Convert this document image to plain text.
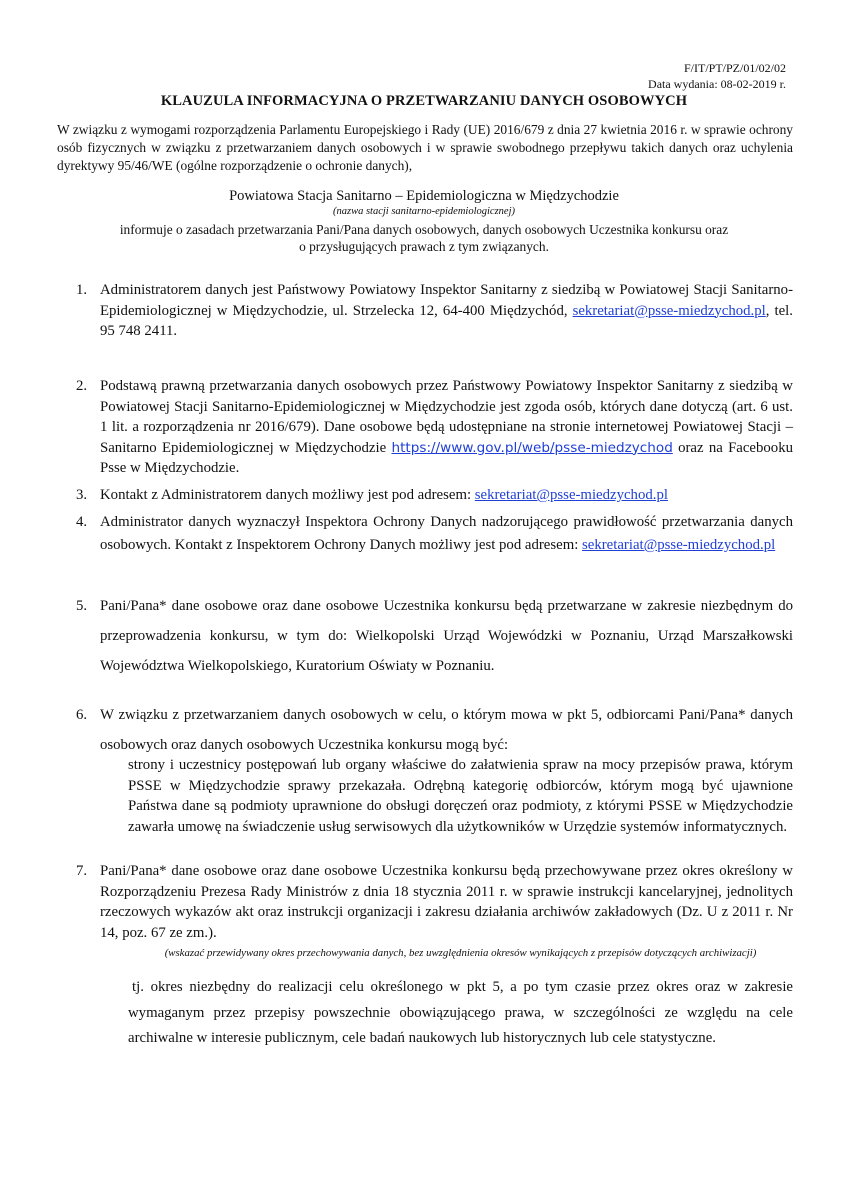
F/IT/PT/PZ/01/02/02
Data wydania: 08-02-2019 r.
KLAUZULA INFORMACYJNA O PRZETWARZANIU DANYCH OSOBOWYCH
W związku z wymogami rozporządzenia Parlamentu Europejskiego i Rady (UE) 2016/679 z dnia 27 kwietnia 2016 r. w sprawie ochrony osób fizycznych w związku z przetwarzaniem danych osobowych i w sprawie swobodnego przepływu takich danych oraz uchylenia dyrektywy 95/46/WE (ogólne rozporządzenie o ochronie danych),
Powiatowa Stacja Sanitarno – Epidemiologiczna w Międzychodzie
(nazwa stacji sanitarno-epidemiologicznej)
informuje o zasadach przetwarzania Pani/Pana danych osobowych, danych osobowych Uczestnika konkursu oraz
o przysługujących prawach z tym związanych.
1. Administratorem danych jest Państwowy Powiatowy Inspektor Sanitarny z siedzibą w Powiatowej Stacji Sanitarno-Epidemiologicznej w Międzychodzie, ul. Strzelecka 12, 64-400 Międzychód, sekretariat@psse-miedzychod.pl, tel. 95 748 2411.
2. Podstawą prawną przetwarzania danych osobowych przez Państwowy Powiatowy Inspektor Sanitarny z siedzibą w Powiatowej Stacji Sanitarno-Epidemiologicznej w Międzychodzie jest zgoda osób, których dane dotyczą (art. 6 ust. 1 lit. a rozporządzenia nr 2016/679). Dane osobowe będą udostępniane na stronie internetowej Powiatowej Stacji – Sanitarno Epidemiologicznej w Międzychodzie https://www.gov.pl/web/psse-miedzychod oraz na Facebooku Psse w Międzychodzie.
3. Kontakt z Administratorem danych możliwy jest pod adresem: sekretariat@psse-miedzychod.pl
4. Administrator danych wyznaczył Inspektora Ochrony Danych nadzorującego prawidłowość przetwarzania danych osobowych. Kontakt z Inspektorem Ochrony Danych możliwy jest pod adresem: sekretariat@psse-miedzychod.pl
5. Pani/Pana* dane osobowe oraz dane osobowe Uczestnika konkursu będą przetwarzane w zakresie niezbędnym do przeprowadzenia konkursu, w tym do: Wielkopolski Urząd Wojewódzki w Poznaniu, Urząd Marszałkowski Województwa Wielkopolskiego, Kuratorium Oświaty w Poznaniu.
6. W związku z przetwarzaniem danych osobowych w celu, o którym mowa w pkt 5, odbiorcami Pani/Pana* danych osobowych oraz danych osobowych Uczestnika konkursu mogą być:
strony i uczestnicy postępowań lub organy właściwe do załatwienia spraw na mocy przepisów prawa, którym PSSE w Międzychodzie sprawy przekazała. Odrębną kategorię odbiorców, którym mogą być ujawnione Państwa dane są podmioty uprawnione do obsługi doręczeń oraz podmioty, z którymi PSSE w Międzychodzie zawarła umowę na świadczenie usług serwisowych dla użytkowników w Urzędzie systemów informatycznych.
7. Pani/Pana* dane osobowe oraz dane osobowe Uczestnika konkursu będą przechowywane przez okres określony w Rozporządzeniu Prezesa Rady Ministrów z dnia 18 stycznia 2011 r. w sprawie instrukcji kancelaryjnej, jednolitych rzeczowych wykazów akt oraz instrukcji organizacji i zakresu działania archiwów zakładowych (Dz. U z 2011 r. Nr 14, poz. 67 ze zm.).
(wskazać przewidywany okres przechowywania danych, bez uwzględnienia okresów wynikających z przepisów dotyczących archiwizacji)
tj. okres niezbędny do realizacji celu określonego w pkt 5, a po tym czasie przez okres oraz w zakresie wymaganym przez przepisy powszechnie obowiązującego prawa, w szczególności ze względu na cele archiwalne w interesie publicznym, cele badań naukowych lub historycznych lub cele statystyczne.
